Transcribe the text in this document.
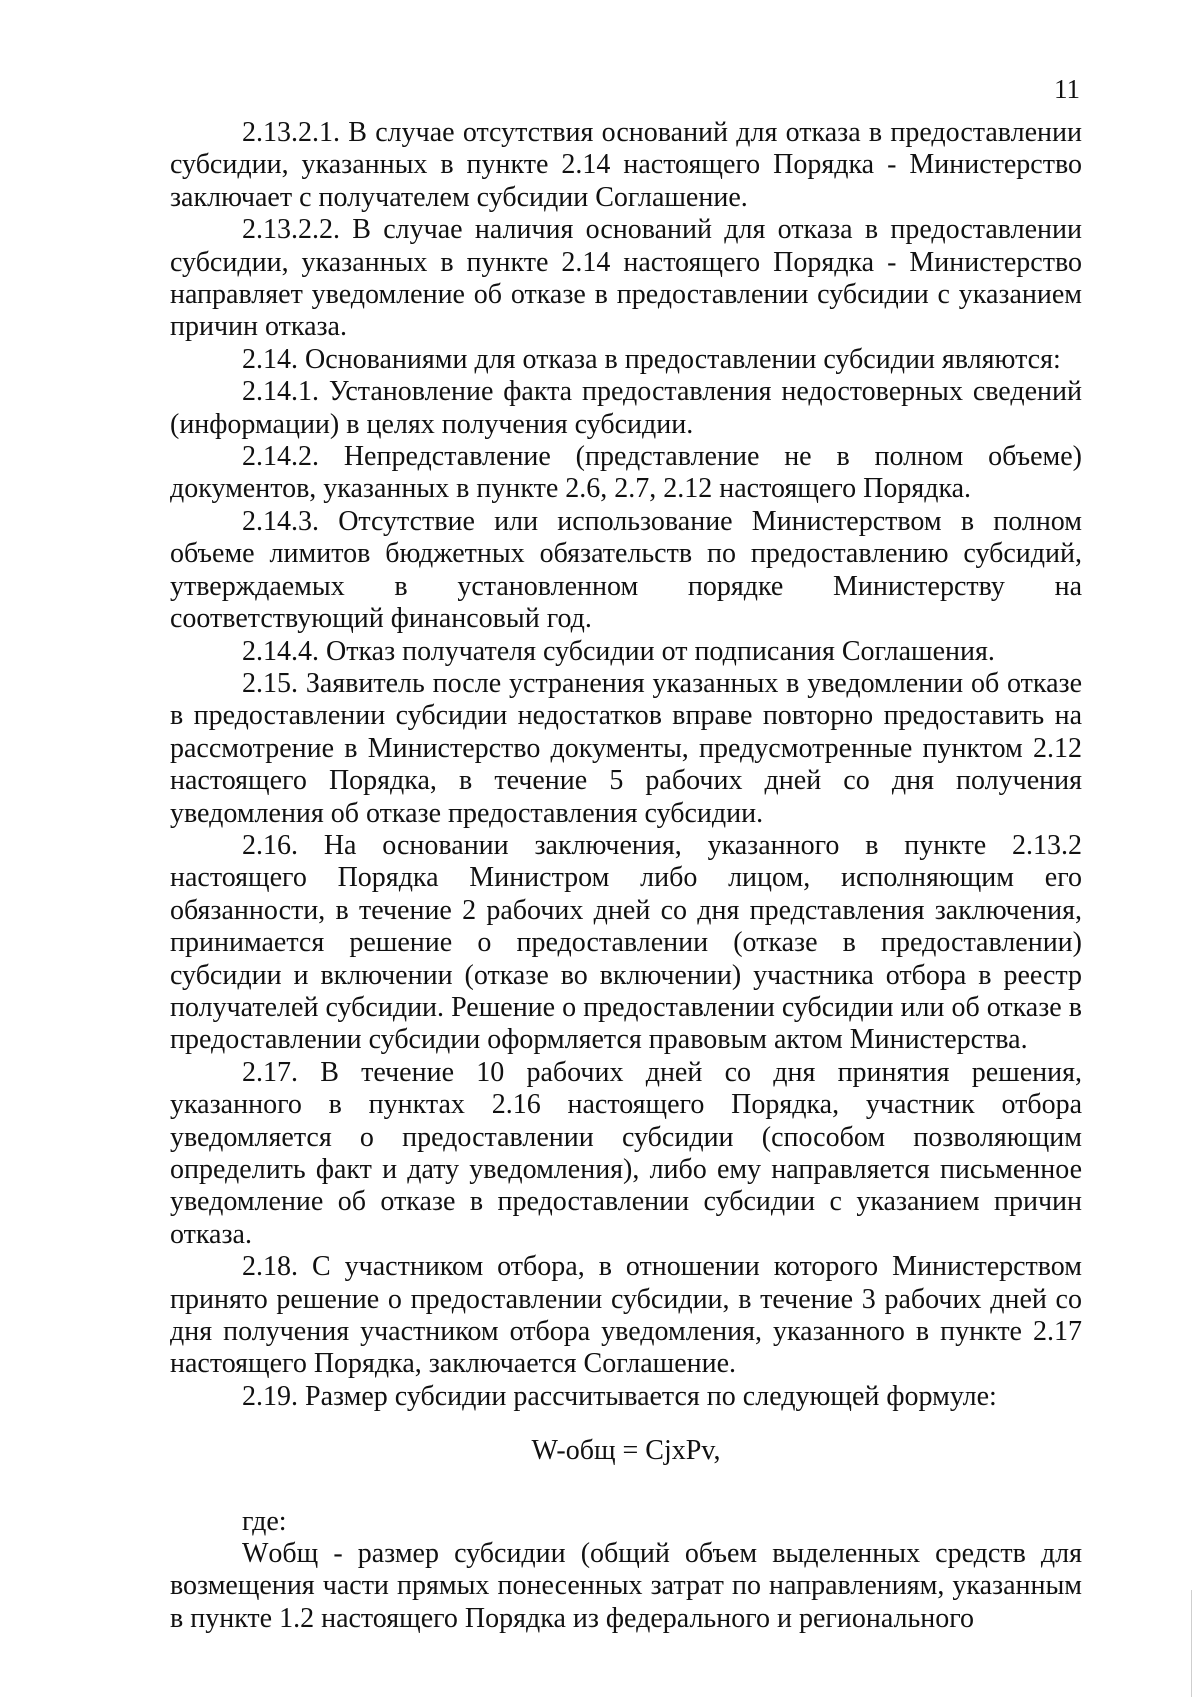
11

2.13.2.1. В случае отсутствия оснований для отказа в предоставлении субсидии, указанных в пункте 2.14 настоящего Порядка - Министерство заключает с получателем субсидии Соглашение.

2.13.2.2. В случае наличия оснований для отказа в предоставлении субсидии, указанных в пункте 2.14 настоящего Порядка - Министерство направляет уведомление об отказе в предоставлении субсидии с указанием причин отказа.

2.14. Основаниями для отказа в предоставлении субсидии являются:

2.14.1. Установление факта предоставления недостоверных сведений (информации) в целях получения субсидии.

2.14.2. Непредставление (представление не в полном объеме) документов, указанных в пункте 2.6, 2.7, 2.12 настоящего Порядка.

2.14.3. Отсутствие или использование Министерством в полном объеме лимитов бюджетных обязательств по предоставлению субсидий, утверждаемых в установленном порядке Министерству на соответствующий финансовый год.

2.14.4. Отказ получателя субсидии от подписания Соглашения.

2.15. Заявитель после устранения указанных в уведомлении об отказе в предоставлении субсидии недостатков вправе повторно предоставить на рассмотрение в Министерство документы, предусмотренные пунктом 2.12 настоящего Порядка, в течение 5 рабочих дней со дня получения уведомления об отказе предоставления субсидии.

2.16. На основании заключения, указанного в пункте 2.13.2 настоящего Порядка Министром либо лицом, исполняющим его обязанности, в течение 2 рабочих дней со дня представления заключения, принимается решение о предоставлении (отказе в предоставлении) субсидии и включении (отказе во включении) участника отбора в реестр получателей субсидии. Решение о предоставлении субсидии или об отказе в предоставлении субсидии оформляется правовым актом Министерства.

2.17. В течение 10 рабочих дней со дня принятия решения, указанного в пунктах 2.16 настоящего Порядка, участник отбора уведомляется о предоставлении субсидии (способом позволяющим определить факт и дату уведомления), либо ему направляется письменное уведомление об отказе в предоставлении субсидии с указанием причин отказа.

2.18. С участником отбора, в отношении которого Министерством принято решение о предоставлении субсидии, в течение 3 рабочих дней со дня получения участником отбора уведомления, указанного в пункте 2.17 настоящего Порядка, заключается Соглашение.

2.19. Размер субсидии рассчитывается по следующей формуле:

W-общ = CjxPv,

где:

Wобщ - размер субсидии (общий объем выделенных средств для возмещения части прямых понесенных затрат по направлениям, указанным в пункте 1.2 настоящего Порядка из федерального и регионального
